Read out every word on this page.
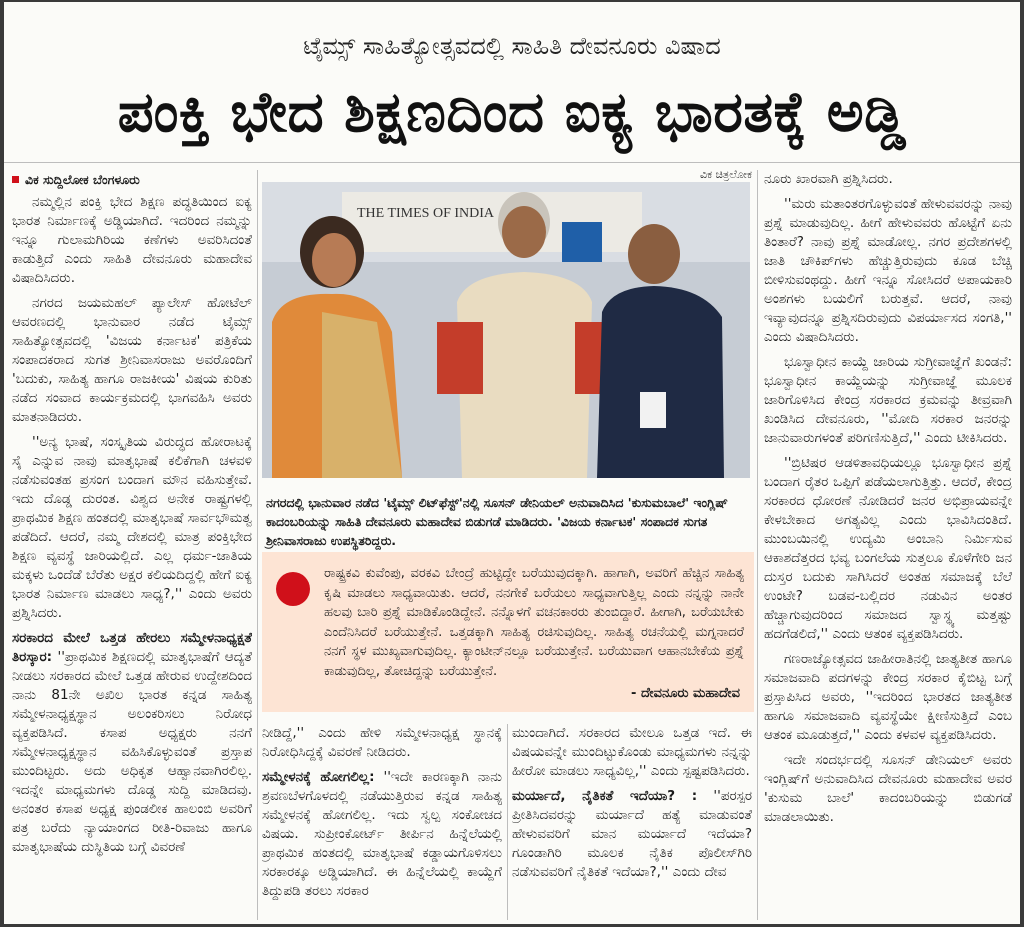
ಟೈಮ್ಸ್‌ ಸಾಹಿತ್ಯೋತ್ಸವದಲ್ಲಿ ಸಾಹಿತಿ ದೇವನೂರು ವಿಷಾದ
ಪಂಕ್ತಿ ಭೇದ ಶಿಕ್ಷಣದಿಂದ ಐಕ್ಯ ಭಾರತಕ್ಕೆ ಅಡ್ಡಿ
ವಿಕ ಸುದ್ದಿಲೋಕ ಬೆಂಗಳೂರು

ನಮ್ಮಲ್ಲಿನ ಪಂಕ್ತಿ ಭೇದ ಶಿಕ್ಷಣ ಪದ್ಧತಿಯಿಂದ ಐಕ್ಯ ಭಾರತ ನಿರ್ಮಾಣಕ್ಕೆ ಅಡ್ಡಿಯಾಗಿದೆ. ಇದರಿಂದ ನಮ್ಮನ್ನು ಇನ್ನೂ ಗುಲಾಮಗಿರಿಯ ಕಣೆಗಳು ಅವರಿಸಿದಂತೆ ಕಾಡುತ್ತಿದೆ ಎಂದು ಸಾಹಿತಿ ದೇವನೂರು ಮಹಾದೇವ ವಿಷಾದಿಸಿದರು.

ನಗರದ ಜಯಮಹಲ್‌ ಪ್ಯಾಲೇಸ್‌ ಹೋಟೆಲ್‌ ಆವರಣದಲ್ಲಿ ಭಾನುವಾರ ನಡೆದ ಟೈಮ್ಸ್‌ ಸಾಹಿತ್ಯೋತ್ಸವದಲ್ಲಿ 'ವಿಜಯ ಕರ್ನಾಟಕ' ಪತ್ರಿಕೆಯ ಸಂಪಾದಕರಾದ ಸುಗತ ಶ್ರೀನಿವಾಸರಾಜು ಅವರೊಂದಿಗೆ 'ಬದುಕು, ಸಾಹಿತ್ಯ ಹಾಗೂ ರಾಜಕೀಯ' ವಿಷಯ ಕುರಿತು ನಡೆದ ಸಂವಾದ ಕಾರ್ಯಕ್ರಮದಲ್ಲಿ ಭಾಗವಹಿಸಿ ಅವರು ಮಾತನಾಡಿದರು.

''ಅನ್ಯ ಭಾಷೆ, ಸಂಸ್ಕೃತಿಯ ವಿರುದ್ಧದ ಹೋರಾಟಕ್ಕೆ ಸೈ ಎನ್ನುವ ನಾವು ಮಾತೃಭಾಷೆ ಕಲಿಕೆಗಾಗಿ ಚಳವಳಿ ನಡೆಸುವಂತಹ ಪ್ರಸಂಗ ಬಂದಾಗ ಮೌನ ವಹಿಸುತ್ತೇವೆ. ಇದು ದೊಡ್ಡ ದುರಂತ. ವಿಶ್ವದ ಅನೇಕ ರಾಷ್ಟ್ರಗಳಲ್ಲಿ ಪ್ರಾಥಮಿಕ ಶಿಕ್ಷಣ ಹಂತದಲ್ಲಿ ಮಾತೃಭಾಷೆ ಸಾರ್ವಭೌಮತ್ವ ಪಡೆದಿದೆ. ಆದರೆ, ನಮ್ಮ ದೇಶದಲ್ಲಿ ಮಾತ್ರ ಪಂಕ್ತಿಭೇದ ಶಿಕ್ಷಣ ವ್ಯವಸ್ಥೆ ಜಾರಿಯಲ್ಲಿದೆ. ಎಲ್ಲ ಧರ್ಮ-ಜಾತಿಯ ಮಕ್ಕಳು ಒಂದೆಡೆ ಬೆರೆತು ಅಕ್ಷರ ಕಲಿಯದಿದ್ದಲ್ಲಿ ಹೇಗೆ ಐಕ್ಯ ಭಾರತ ನಿರ್ಮಾಣ ಮಾಡಲು ಸಾಧ್ಯ?,'' ಎಂದು ಅವರು ಪ್ರಶ್ನಿಸಿದರು.

ಸರಕಾರದ ಮೇಲೆ ಒತ್ತಡ ಹೇರಲು ಸಮ್ಮೇಳನಾಧ್ಯಕ್ಷತೆ ತಿರಸ್ಕಾರ: ''ಪ್ರಾಥಮಿಕ ಶಿಕ್ಷಣದಲ್ಲಿ ಮಾತೃಭಾಷೆಗೆ ಆದ್ಯತೆ ನೀಡಲು ಸರಕಾರದ ಮೇಲೆ ಒತ್ತಡ ಹೇರುವ ಉದ್ದೇಶದಿಂದ ನಾನು 81ನೇ ಅಖಿಲ ಭಾರತ ಕನ್ನಡ ಸಾಹಿತ್ಯ ಸಮ್ಮೇಳನಾಧ್ಯಕ್ಷಸ್ಥಾನ ಅಲಂಕರಿಸಲು ನಿರೋಧ ವ್ಯಕ್ತಪಡಿಸಿದೆ. ಕಸಾಪ ಅಧ್ಯಕ್ಷರು ನನಗೆ ಸಮ್ಮೇಳನಾಧ್ಯಕ್ಷಸ್ಥಾನ ವಹಿಸಿಕೊಳ್ಳುವಂತೆ ಪ್ರಸ್ತಾಪ ಮುಂದಿಟ್ಟರು. ಅದು ಅಧಿಕೃತ ಆಹ್ವಾನವಾಗಿರಲಿಲ್ಲ. ಇದನ್ನೇ ಮಾಧ್ಯಮಗಳು ದೊಡ್ಡ ಸುದ್ದಿ ಮಾಡಿದವು. ಅನಂತರ ಕಸಾಪ ಅಧ್ಯಕ್ಷ ಪುಂಡಲೀಕ ಹಾಲಂಬಿ ಅವರಿಗೆ ಪತ್ರ ಬರೆದು ನ್ಯಾಯಾಂಗದ ರೀತಿ-ರಿವಾಜು ಹಾಗೂ ಮಾತೃಭಾಷೆಯ ದುಸ್ಥಿತಿಯ ಬಗ್ಗೆ ವಿವರಣೆ

ವಿಕ ಚಿತ್ರಲೋಕ
THE TIMES OF INDIA
ನಗರದಲ್ಲಿ ಭಾನುವಾರ ನಡೆದ 'ಟೈಮ್ಸ್‌ ಲಿಟ್‌ಫೆಸ್ಟ್‌'ನಲ್ಲಿ ಸೂಸನ್‌ ಡೇನಿಯಲ್‌ ಅನುವಾದಿಸಿದ 'ಕುಸುಮಬಾಲೆ' ಇಂಗ್ಲಿಷ್‌ ಕಾದಂಬರಿಯನ್ನು ಸಾಹಿತಿ ದೇವನೂರು ಮಹಾದೇವ ಬಿಡುಗಡೆ ಮಾಡಿದರು. 'ವಿಜಯ ಕರ್ನಾಟಕ' ಸಂಪಾದಕ ಸುಗತ ಶ್ರೀನಿವಾಸರಾಜು ಉಪಸ್ಥಿತರಿದ್ದರು.
ರಾಷ್ಟ್ರಕವಿ ಕುವೆಂಪು, ವರಕವಿ ಬೇಂದ್ರೆ ಹುಟ್ಟಿದ್ದೇ ಬರೆಯುವುದಕ್ಕಾಗಿ. ಹಾಗಾಗಿ, ಅವರಿಗೆ ಹೆಚ್ಚಿನ ಸಾಹಿತ್ಯ ಕೃಷಿ ಮಾಡಲು ಸಾಧ್ಯವಾಯಿತು. ಆದರೆ, ನನಗೇಕೆ ಬರೆಯಲು ಸಾಧ್ಯವಾಗುತ್ತಿಲ್ಲ ಎಂದು ನನ್ನನ್ನು ನಾನೇ ಹಲವು ಬಾರಿ ಪ್ರಶ್ನೆ ಮಾಡಿಕೊಂಡಿದ್ದೇನೆ. ನನ್ನೊಳಗೆ ವಚನಕಾರರು ತುಂಬಿದ್ದಾರೆ. ಹೀಗಾಗಿ, ಬರೆಯಬೇಕು ಎಂದೆನಿಸಿದರೆ ಬರೆಯುತ್ತೇನೆ. ಒತ್ತಡಕ್ಕಾಗಿ ಸಾಹಿತ್ಯ ರಚಿಸುವುದಿಲ್ಲ. ಸಾಹಿತ್ಯ ರಚನೆಯಲ್ಲಿ ಮಗ್ನನಾದರೆ ನನಗೆ ಸ್ಥಳ ಮುಖ್ಯವಾಗುವುದಿಲ್ಲ. ಕ್ಯಾಂಟೀನ್‌ನಲ್ಲೂ ಬರೆಯುತ್ತೇನೆ. ಬರೆಯುವಾಗ ಆಹಾನಬೇಕೆಯ ಪ್ರಶ್ನೆ ಕಾಡುವುದಿಲ್ಲ, ತೋಚಿದ್ದನ್ನು ಬರೆಯುತ್ತೇನೆ.
- ದೇವನೂರು ಮಹಾದೇವ

ನೀಡಿದ್ದೆ,'' ಎಂದು ಹೇಳಿ ಸಮ್ಮೇಳನಾಧ್ಯಕ್ಷ ಸ್ಥಾನಕ್ಕೆ ನಿರೋಧಿಸಿದ್ದಕ್ಕೆ ವಿವರಣೆ ನೀಡಿದರು.

ಸಮ್ಮೇಳನಕ್ಕೆ ಹೋಗಲಿಲ್ಲ: ''ಇದೇ ಕಾರಣಕ್ಕಾಗಿ ನಾನು ಶ್ರವಣಬೆಳಗೊಳದಲ್ಲಿ ನಡೆಯುತ್ತಿರುವ ಕನ್ನಡ ಸಾಹಿತ್ಯ ಸಮ್ಮೇಳನಕ್ಕೆ ಹೋಗಲಿಲ್ಲ. ಇದು ಸ್ವಲ್ಪ ಸಂಕೋಚದ ವಿಷಯ. ಸುಪ್ರೀಂಕೋರ್ಟ್‌ ತೀರ್ಪಿನ ಹಿನ್ನೆಲೆಯಲ್ಲಿ ಪ್ರಾಥಮಿಕ ಹಂತದಲ್ಲಿ ಮಾತೃಭಾಷೆ ಕಡ್ಡಾಯಗೊಳಿಸಲು ಸರಕಾರಕ್ಕೂ ಅಡ್ಡಿಯಾಗಿದೆ. ಈ ಹಿನ್ನೆಲೆಯಲ್ಲಿ ಕಾಯ್ದೆಗೆ ತಿದ್ದುಪಡಿ ತರಲು ಸರಕಾರ

ಮುಂದಾಗಿದೆ. ಸರಕಾರದ ಮೇಲೂ ಒತ್ತಡ ಇದೆ. ಈ ವಿಷಯವನ್ನೇ ಮುಂದಿಟ್ಟುಕೊಂಡು ಮಾಧ್ಯಮಗಳು ನನ್ನನ್ನು ಹೀರೋ ಮಾಡಲು ಸಾಧ್ಯವಿಲ್ಲ,'' ಎಂದು ಸ್ಪಷ್ಟಪಡಿಸಿದರು.

ಮರ್ಯಾದೆ, ನೈತಿಕತೆ ಇದೆಯಾ? : ''ಪರಸ್ಪರ ಪ್ರೀತಿಸಿದವರನ್ನು ಮರ್ಯಾದೆ ಹತ್ಯೆ ಮಾಡುವಂತೆ ಹೇಳುವವರಿಗೆ ಮಾನ ಮರ್ಯಾದೆ ಇದೆಯಾ? ಗೂಂಡಾಗಿರಿ ಮೂಲಕ ನೈತಿಕ ಪೊಲೀಸ್‌ಗಿರಿ ನಡೆಸುವವರಿಗೆ ನೈತಿಕತೆ ಇದೆಯಾ?,'' ಎಂದು ದೇವ

ನೂರು ಖಾರವಾಗಿ ಪ್ರಶ್ನಿಸಿದರು.

''ಮರು ಮತಾಂತರಗೊಳ್ಳುವಂತೆ ಹೇಳುವವರನ್ನು ನಾವು ಪ್ರಶ್ನೆ ಮಾಡುವುದಿಲ್ಲ. ಹೀಗೆ ಹೇಳುವವರು ಹೊಟ್ಟೆಗೆ ಏನು ತಿಂತಾರೆ? ನಾವು ಪ್ರಶ್ನೆ ಮಾಡೋಲ್ಲ. ನಗರ ಪ್ರದೇಶಗಳಲ್ಲಿ ಜಾತಿ ಚೌಕಿಪ್‌ಗಳು ಹೆಚ್ಚುತ್ತಿರುವುದು ಕೂಡ ಬೆಚ್ಚಿ ಬೀಳಿಸುವಂಥದ್ದು. ಹೀಗೆ ಇನ್ನೂ ಸೋಸಿದರೆ ಅಪಾಯಕಾರಿ ಅಂಶಗಳು ಬಯಲಿಗೆ ಬರುತ್ತವೆ. ಆದರೆ, ನಾವು ಇವ್ಯಾವುದನ್ನೂ ಪ್ರಶ್ನಿಸದಿರುವುದು ವಿಪರ್ಯಾಸದ ಸಂಗತಿ,'' ಎಂದು ವಿಷಾದಿಸಿದರು.

ಭೂಸ್ವಾಧೀನ ಕಾಯ್ದೆ ಜಾರಿಯ ಸುಗ್ರೀವಾಜ್ಞೆಗೆ ಖಂಡನೆ: ಭೂಸ್ವಾಧೀನ ಕಾಯ್ದೆಯನ್ನು ಸುಗ್ರೀವಾಜ್ಞೆ ಮೂಲಕ ಜಾರಿಗೊಳಿಸಿದ ಕೇಂದ್ರ ಸರಕಾರದ ಕ್ರಮವನ್ನು ತೀವ್ರವಾಗಿ ಖಂಡಿಸಿದ ದೇವನೂರು, ''ಮೋದಿ ಸರಕಾರ ಜನರನ್ನು ಜಾನುವಾರುಗಳಂತೆ ಪರಿಗಣಿಸುತ್ತಿದೆ,'' ಎಂದು ಟೀಕಿಸಿದರು.

''ಬ್ರಿಟಿಷರ ಆಡಳಿತಾವಧಿಯಲ್ಲೂ ಭೂಸ್ವಾಧೀನ ಪ್ರಶ್ನೆ ಬಂದಾಗ ರೈತರ ಒಪ್ಪಿಗೆ ಪಡೆಯಲಾಗುತ್ತಿತ್ತು. ಆದರೆ, ಕೇಂದ್ರ ಸರಕಾರದ ಧೋರಣೆ ನೋಡಿದರೆ ಜನರ ಅಭಿಪ್ರಾಯವನ್ನೇ ಕೇಳಬೇಕಾದ ಅಗತ್ಯವಿಲ್ಲ ಎಂದು ಭಾವಿಸಿದಂತಿದೆ. ಮುಂಬಯಿನಲ್ಲಿ ಉದ್ಯಮಿ ಅಂಬಾನಿ ನಿರ್ಮಿಸುವ ಆಕಾಶದೆತ್ತರದ ಭವ್ಯ ಬಂಗಲೆಯ ಸುತ್ತಲೂ ಕೊಳೆಗೇರಿ ಜನ ದುಸ್ತರ ಬದುಕು ಸಾಗಿಸಿದರೆ ಅಂತಹ ಸಮಾಜಕ್ಕೆ ಬೆಲೆ ಉಂಟೇ? ಬಡವ-ಬಲ್ಲಿದರ ನಡುವಿನ ಅಂತರ ಹೆಚ್ಚಾಗುವುದರಿಂದ ಸಮಾಜದ ಸ್ವಾಸ್ಥ್ಯ ಮತ್ತಷ್ಟು ಹದಗೆಡಲಿದೆ,'' ಎಂದು ಆತಂಕ ವ್ಯಕ್ತಪಡಿಸಿದರು.

ಗಣರಾಜ್ಯೋತ್ಸವದ ಜಾಹೀರಾತಿನಲ್ಲಿ ಜಾತ್ಯತೀತ ಹಾಗೂ ಸಮಾಜವಾದಿ ಪದಗಳನ್ನು ಕೇಂದ್ರ ಸರಕಾರ ಕೈಬಿಟ್ಟ ಬಗ್ಗೆ ಪ್ರಸ್ತಾಪಿಸಿದ ಅವರು, ''ಇದರಿಂದ ಭಾರತದ ಜಾತ್ಯತೀತ ಹಾಗೂ ಸಮಾಜವಾದಿ ವ್ಯವಸ್ಥೆಯೇ ಕ್ಷೀಣಿಸುತ್ತಿದೆ ಎಂಬ ಆತಂಕ ಮೂಡುತ್ತದೆ,'' ಎಂದು ಕಳವಳ ವ್ಯಕ್ತಪಡಿಸಿದರು.

ಇದೇ ಸಂದರ್ಭದಲ್ಲಿ ಸೂಸನ್‌ ಡೇನಿಯಲ್‌ ಅವರು ಇಂಗ್ಲಿಷ್‌ಗೆ ಅನುವಾದಿಸಿದ ದೇವನೂರು ಮಹಾದೇವ ಅವರ 'ಕುಸುಮ ಬಾಲೆ' ಕಾದಂಬರಿಯನ್ನು ಬಿಡುಗಡೆ ಮಾಡಲಾಯಿತು.
